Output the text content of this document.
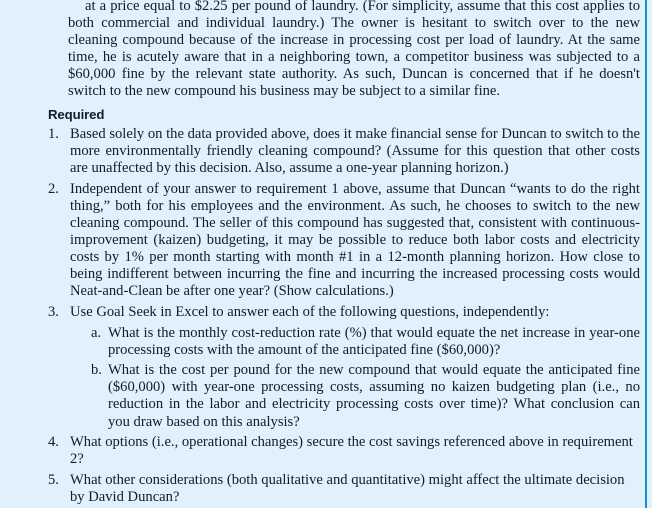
at a price equal to $2.25 per pound of laundry. (For simplicity, assume that this cost applies to both commercial and individual laundry.) The owner is hesitant to switch over to the new cleaning compound because of the increase in processing cost per load of laundry. At the same time, he is acutely aware that in a neighboring town, a competitor business was subjected to a $60,000 fine by the relevant state authority. As such, Duncan is concerned that if he doesn't switch to the new compound his business may be subject to a similar fine.

Required
1. Based solely on the data provided above, does it make financial sense for Duncan to switch to the more environmentally friendly cleaning compound? (Assume for this question that other costs are unaffected by this decision. Also, assume a one-year planning horizon.)
2. Independent of your answer to requirement 1 above, assume that Duncan “wants to do the right thing,” both for his employees and the environment. As such, he chooses to switch to the new cleaning compound. The seller of this compound has suggested that, consistent with continuous-improvement (kaizen) budgeting, it may be possible to reduce both labor costs and electricity costs by 1% per month starting with month #1 in a 12-month planning horizon. How close to being indifferent between incurring the fine and incurring the increased processing costs would Neat-and-Clean be after one year? (Show calculations.)
3. Use Goal Seek in Excel to answer each of the following questions, independently:
a. What is the monthly cost-reduction rate (%) that would equate the net increase in year-one processing costs with the amount of the anticipated fine ($60,000)?
b. What is the cost per pound for the new compound that would equate the anticipated fine ($60,000) with year-one processing costs, assuming no kaizen budgeting plan (i.e., no reduction in the labor and electricity processing costs over time)? What conclusion can you draw based on this analysis?
4. What options (i.e., operational changes) secure the cost savings referenced above in requirement 2?
5. What other considerations (both qualitative and quantitative) might affect the ultimate decision by David Duncan?
